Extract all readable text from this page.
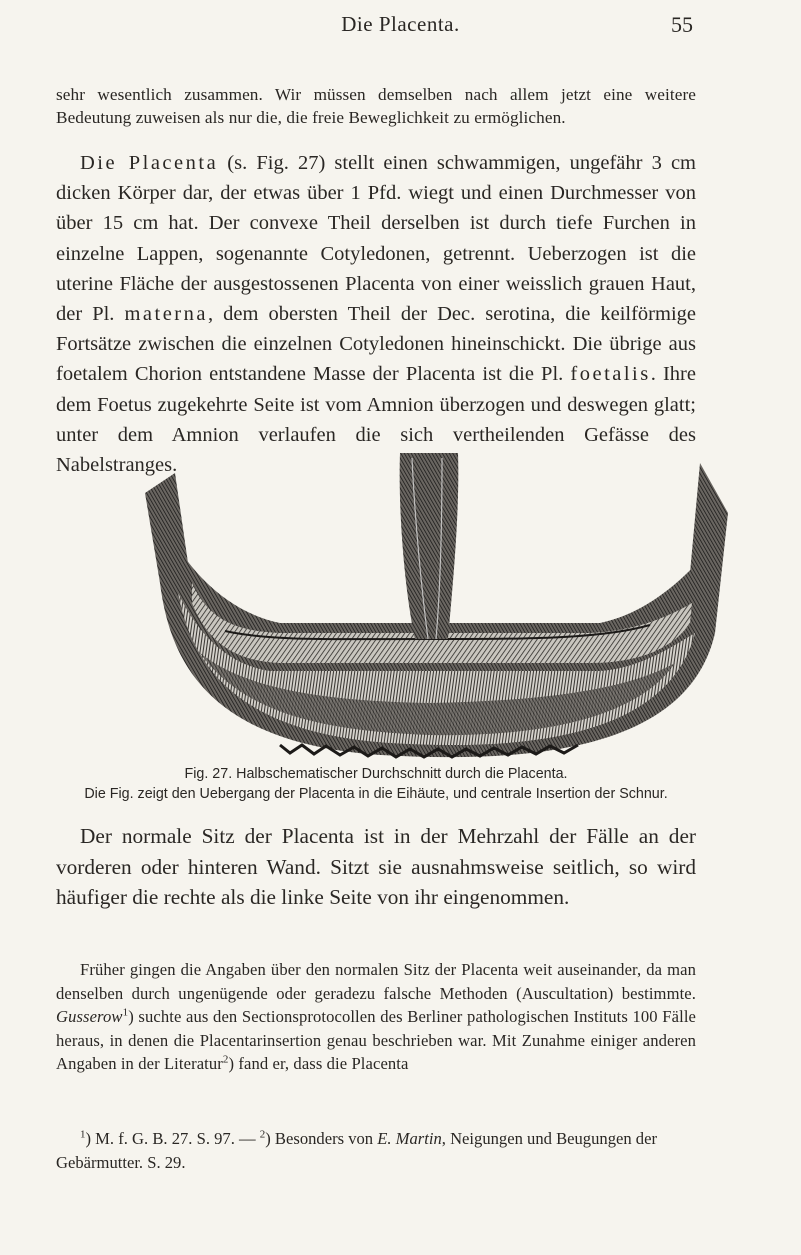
Die Placenta.	55
sehr wesentlich zusammen. Wir müssen demselben nach allem jetzt eine weitere Bedeutung zuweisen als nur die, die freie Beweglichkeit zu ermöglichen.
Die Placenta (s. Fig. 27) stellt einen schwammigen, ungefähr 3 cm dicken Körper dar, der etwas über 1 Pfd. wiegt und einen Durchmesser von über 15 cm hat. Der convexe Theil derselben ist durch tiefe Furchen in einzelne Lappen, sogenannte Cotyledonen, getrennt. Ueberzogen ist die uterine Fläche der ausgestossenen Placenta von einer weisslich grauen Haut, der Pl. materna, dem obersten Theil der Dec. serotina, die keilförmige Fortsätze zwischen die einzelnen Cotyledonen hineinschickt. Die übrige aus foetalem Chorion entstandene Masse der Placenta ist die Pl. foetalis. Ihre dem Foetus zugekehrte Seite ist vom Amnion überzogen und deswegen glatt; unter dem Amnion verlaufen die sich vertheilenden Gefässe des Nabelstranges.
Fig. 27. Halbschematischer Durchschnitt durch die Placenta.
Die Fig. zeigt den Uebergang der Placenta in die Eihäute, und centrale Insertion der Schnur.
Der normale Sitz der Placenta ist in der Mehrzahl der Fälle an der vorderen oder hinteren Wand. Sitzt sie ausnahmsweise seitlich, so wird häufiger die rechte als die linke Seite von ihr eingenommen.
Früher gingen die Angaben über den normalen Sitz der Placenta weit auseinander, da man denselben durch ungenügende oder geradezu falsche Methoden (Auscultation) bestimmte. Gusserow$^1$) suchte aus den Sectionsprotocollen des Berliner pathologischen Instituts 100 Fälle heraus, in denen die Placentarinsertion genau beschrieben war. Mit Zunahme einiger anderen Angaben in der Literatur$^2$) fand er, dass die Placenta
$^1$) M. f. G. B. 27. S. 97. — $^2$) Besonders von E. Martin, Neigungen und Beugungen der Gebärmutter. S. 29.
